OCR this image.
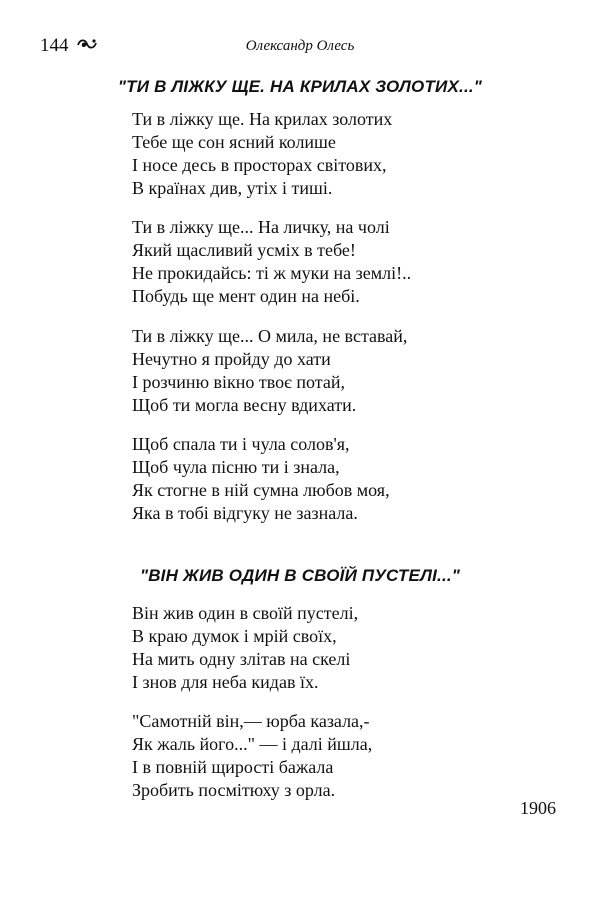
144	Олександр Олесь
"ТИ В ЛІЖКУ ЩЕ. НА КРИЛАХ ЗОЛОТИХ..."
Ти в ліжку ще. На крилах золотих
Тебе ще сон ясний колише
І носе десь в просторах світових,
В країнах див, утіх і тиші.
Ти в ліжку ще... На личку, на чолі
Який щасливий усміх в тебе!
Не прокидайсь: ті ж муки на землі!..
Побудь ще мент один на небі.
Ти в ліжку ще... О мила, не вставай,
Нечутно я пройду до хати
І розчиню вікно твоє потай,
Щоб ти могла весну вдихати.
Щоб спала ти і чула солов'я,
Щоб чула пісню ти і знала,
Як стогне в ній сумна любов моя,
Яка в тобі відгуку не зазнала.
"ВІН ЖИВ ОДИН В СВОЇЙ ПУСТЕЛІ..."
Він жив один в своїй пустелі,
В краю думок і мрій своїх,
На мить одну злітав на скелі
І знов для неба кидав їх.
"Самотній він,— юрба казала,-
Як жаль його..." — і далі йшла,
І в повній щирості бажала
Зробить посмітюху з орла.
1906
